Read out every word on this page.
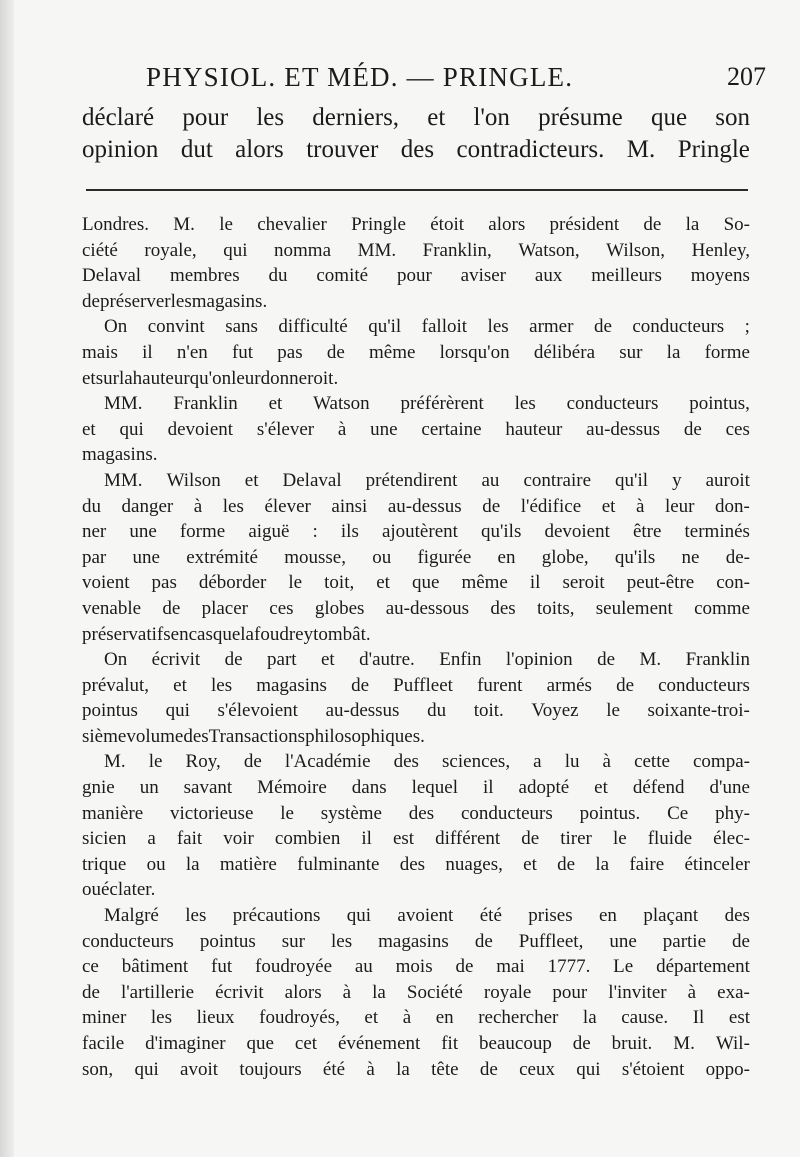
PHYSIOL. ET MÉD. — PRINGLE.	207
déclaré pour les derniers, et l'on présume que son
opinion dut alors trouver des contradicteurs. M. Pringle
Londres. M. le chevalier Pringle étoit alors président de la So-
ciété royale, qui nomma MM. Franklin, Watson, Wilson, Henley,
Delaval membres du comité pour aviser aux meilleurs moyens
de préserver les magasins.
On convint sans difficulté qu'il falloit les armer de conducteurs ;
mais il n'en fut pas de même lorsqu'on délibéra sur la forme
et sur la hauteur qu'on leur donneroit.
MM. Franklin et Watson préférèrent les conducteurs pointus,
et qui devoient s'élever à une certaine hauteur au-dessus de ces
magasins.
MM. Wilson et Delaval prétendirent au contraire qu'il y auroit
du danger à les élever ainsi au-dessus de l'édifice et à leur don-
ner une forme aiguë : ils ajoutèrent qu'ils devoient être terminés
par une extrémité mousse, ou figurée en globe, qu'ils ne de-
voient pas déborder le toit, et que même il seroit peut-être con-
venable de placer ces globes au-dessous des toits, seulement comme
préservatifs en cas que la foudre y tombât.
On écrivit de part et d'autre. Enfin l'opinion de M. Franklin
prévalut, et les magasins de Puffleet furent armés de conducteurs
pointus qui s'élevoient au-dessus du toit. Voyez le soixante-troi-
sième volume des Transactions philosophiques.
M. le Roy, de l'Académie des sciences, a lu à cette compa-
gnie un savant Mémoire dans lequel il adopté et défend d'une
manière victorieuse le système des conducteurs pointus. Ce phy-
sicien a fait voir combien il est différent de tirer le fluide élec-
trique ou la matière fulminante des nuages, et de la faire étinceler
ou éclater.
Malgré les précautions qui avoient été prises en plaçant des
conducteurs pointus sur les magasins de Puffleet, une partie de
ce bâtiment fut foudroyée au mois de mai 1777. Le département
de l'artillerie écrivit alors à la Société royale pour l'inviter à exa-
miner les lieux foudroyés, et à en rechercher la cause. Il est
facile d'imaginer que cet événement fit beaucoup de bruit. M. Wil-
son, qui avoit toujours été à la tête de ceux qui s'étoient oppo-
